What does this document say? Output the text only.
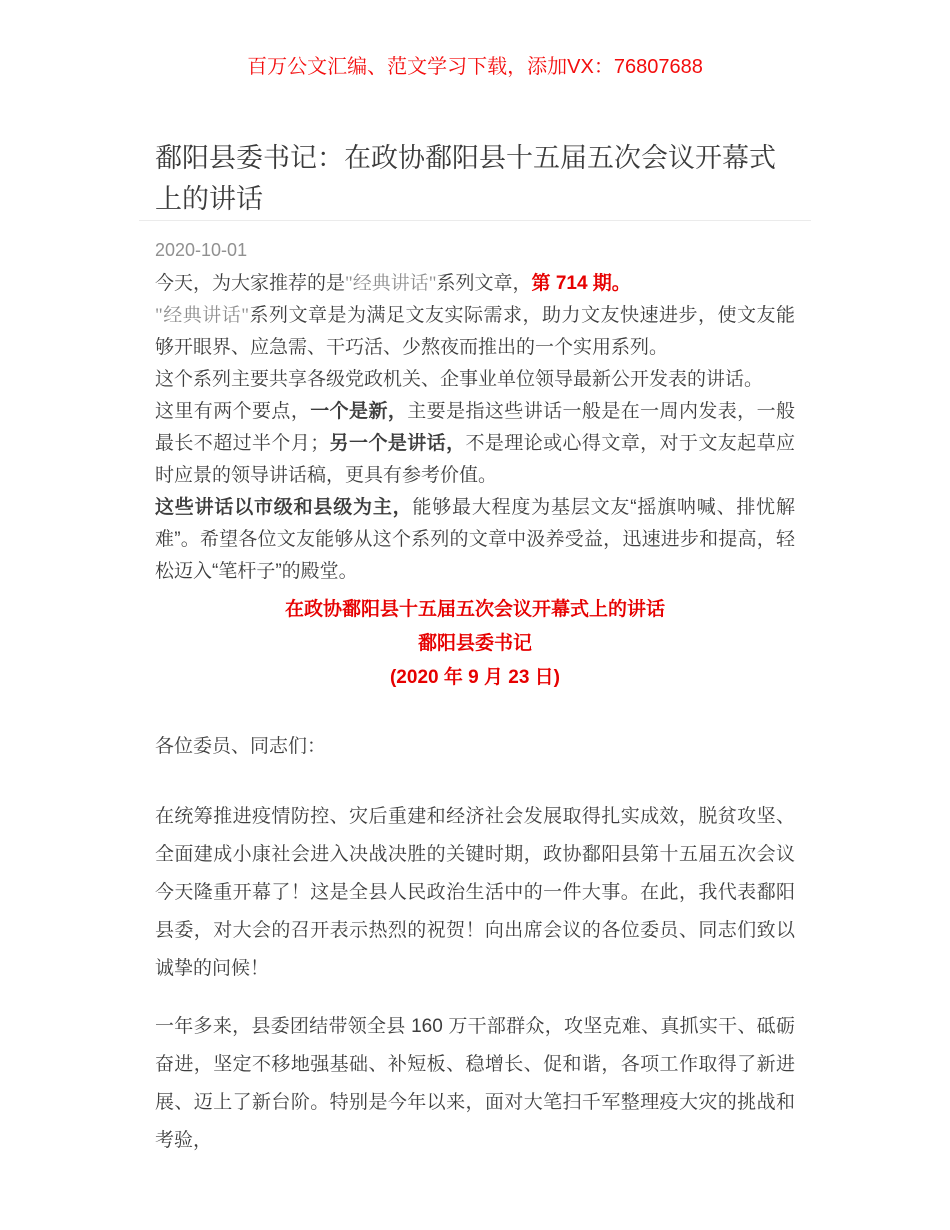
百万公文汇编、范文学习下载，添加VX：76807688
鄱阳县委书记：在政协鄱阳县十五届五次会议开幕式上的讲话
2020-10-01

今天，为大家推荐的是"经典讲话"系列文章，第 714 期。

"经典讲话"系列文章是为满足文友实际需求，助力文友快速进步，使文友能够开眼界、应急需、干巧活、少熬夜而推出的一个实用系列。

这个系列主要共享各级党政机关、企事业单位领导最新公开发表的讲话。

这里有两个要点，一个是新，主要是指这些讲话一般是在一周内发表，一般最长不超过半个月；另一个是讲话，不是理论或心得文章，对于文友起草应时应景的领导讲话稿，更具有参考价值。

这些讲话以市级和县级为主，能够最大程度为基层文友“摇旗呐喊、排忧解难”。希望各位文友能够从这个系列的文章中汲养受益，迅速进步和提高，轻松迈入“笔杆子”的殿堂。

在政协鄱阳县十五届五次会议开幕式上的讲话
鄱阳县委书记
(2020 年 9 月 23 日)

各位委员、同志们：

在统筹推进疫情防控、灾后重建和经济社会发展取得扎实成效，脱贫攻坚、全面建成小康社会进入决战决胜的关键时期，政协鄱阳县第十五届五次会议今天隆重开幕了！这是全县人民政治生活中的一件大事。在此，我代表鄱阳县委，对大会的召开表示热烈的祝贺！向出席会议的各位委员、同志们致以诚挚的问候！

一年多来，县委团结带领全县 160 万干部群众，攻坚克难、真抓实干、砥砺奋进，坚定不移地强基础、补短板、稳增长、促和谐，各项工作取得了新进展、迈上了新台阶。特别是今年以来，面对大笔扫千军整理疫大灾的挑战和考验，
